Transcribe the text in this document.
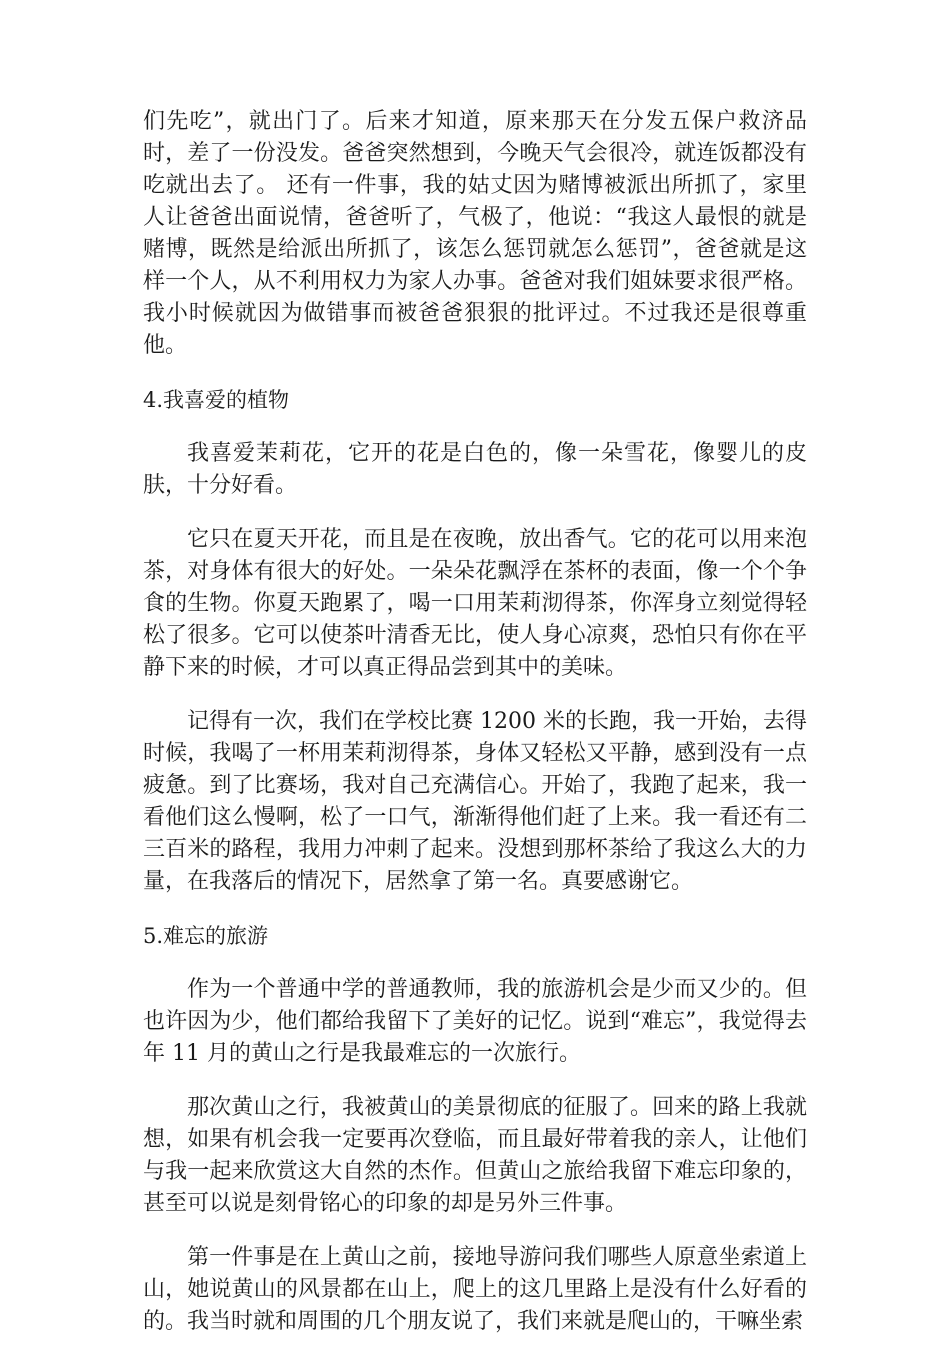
们先吃”，就出门了。后来才知道，原来那天在分发五保户救济品时，差了一份没发。爸爸突然想到，今晚天气会很冷，就连饭都没有吃就出去了。 还有一件事，我的姑丈因为赌博被派出所抓了，家里人让爸爸出面说情，爸爸听了，气极了，他说：“我这人最恨的就是赌博，既然是给派出所抓了，该怎么惩罚就怎么惩罚”，爸爸就是这样一个人，从不利用权力为家人办事。爸爸对我们姐妹要求很严格。我小时候就因为做错事而被爸爸狠狠的批评过。不过我还是很尊重他。

4.我喜爱的植物

我喜爱茉莉花，它开的花是白色的，像一朵雪花，像婴儿的皮肤，十分好看。

它只在夏天开花，而且是在夜晚，放出香气。它的花可以用来泡茶，对身体有很大的好处。一朵朵花飘浮在茶杯的表面，像一个个争食的生物。你夏天跑累了，喝一口用茉莉沏得茶，你浑身立刻觉得轻松了很多。它可以使茶叶清香无比，使人身心凉爽，恐怕只有你在平静下来的时候，才可以真正得品尝到其中的美味。

记得有一次，我们在学校比赛 1200 米的长跑，我一开始，去得时候，我喝了一杯用茉莉沏得茶，身体又轻松又平静，感到没有一点疲惫。到了比赛场，我对自己充满信心。开始了，我跑了起来，我一看他们这么慢啊，松了一口气，渐渐得他们赶了上来。我一看还有二三百米的路程，我用力冲刺了起来。没想到那杯茶给了我这么大的力量，在我落后的情况下，居然拿了第一名。真要感谢它。

5.难忘的旅游

作为一个普通中学的普通教师，我的旅游机会是少而又少的。但也许因为少，他们都给我留下了美好的记忆。说到“难忘”，我觉得去年 11 月的黄山之行是我最难忘的一次旅行。

那次黄山之行，我被黄山的美景彻底的征服了。回来的路上我就想，如果有机会我一定要再次登临，而且最好带着我的亲人，让他们与我一起来欣赏这大自然的杰作。但黄山之旅给我留下难忘印象的，甚至可以说是刻骨铭心的印象的却是另外三件事。

第一件事是在上黄山之前，接地导游问我们哪些人原意坐索道上山，她说黄山的风景都在山上，爬上的这几里路上是没有什么好看的的。我当时就和周围的几个朋友说了，我们来就是爬山的，干嘛坐索
